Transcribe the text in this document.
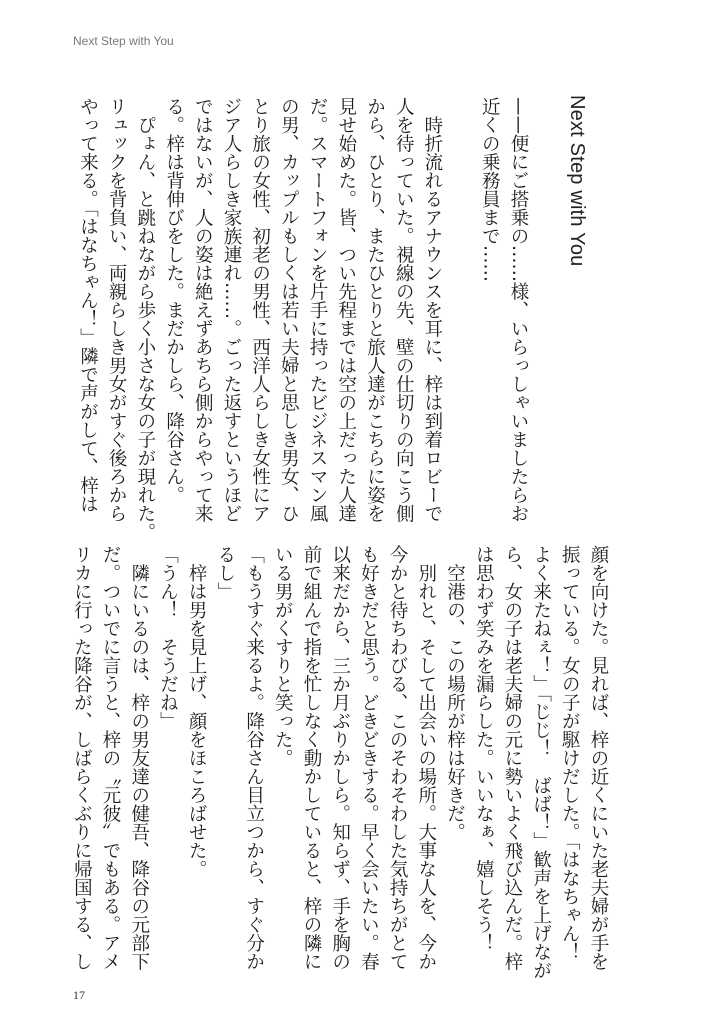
Next Step with You
Next Step with You
——便にご搭乗の……様、いらっしゃいましたらお
近くの乗務員まで……
　時折流れるアナウンスを耳に、梓は到着ロビーで
人を待っていた。視線の先、壁の仕切りの向こう側
から、ひとり、またひとりと旅人達がこちらに姿を
見せ始めた。皆、つい先程までは空の上だった人達
だ。スマートフォンを片手に持ったビジネスマン風
の男、カップルもしくは若い夫婦と思しき男女、ひ
とり旅の女性、初老の男性、西洋人らしき女性にア
ジア人らしき家族連れ……。ごった返すというほど
ではないが、人の姿は絶えずあちら側からやって来
る。梓は背伸びをした。まだかしら、降谷さん。
　ぴょん、と跳ねながら歩く小さな女の子が現れた。
リュックを背負い、両親らしき男女がすぐ後ろから
やって来る。「はなちゃん！」隣で声がして、梓は
顔を向けた。見れば、梓の近くにいた老夫婦が手を
振っている。女の子が駆けだした。「はなちゃん！
よく来たねぇ！」「じじ！　ばば！」歓声を上げなが
ら、女の子は老夫婦の元に勢いよく飛び込んだ。梓
は思わず笑みを漏らした。いいなぁ、嬉しそう！
　空港の、この場所が梓は好きだ。
　別れと、そして出会いの場所。大事な人を、今か
今かと待ちわびる、このそわそわした気持ちがとて
も好きだと思う。どきどきする。早く会いたい。春
以来だから、三か月ぶりかしら。知らず、手を胸の
前で組んで指を忙しなく動かしていると、梓の隣に
いる男がくすりと笑った。
「もうすぐ来るよ。降谷さん目立つから、すぐ分か
るし」
　梓は男を見上げ、顔をほころばせた。
「うん！　そうだね」
　隣にいるのは、梓の男友達の健吾、降谷の元部下
だ。ついでに言うと、梓の〝元彼〟でもある。アメ
リカに行った降谷が、しばらくぶりに帰国する、し
17
